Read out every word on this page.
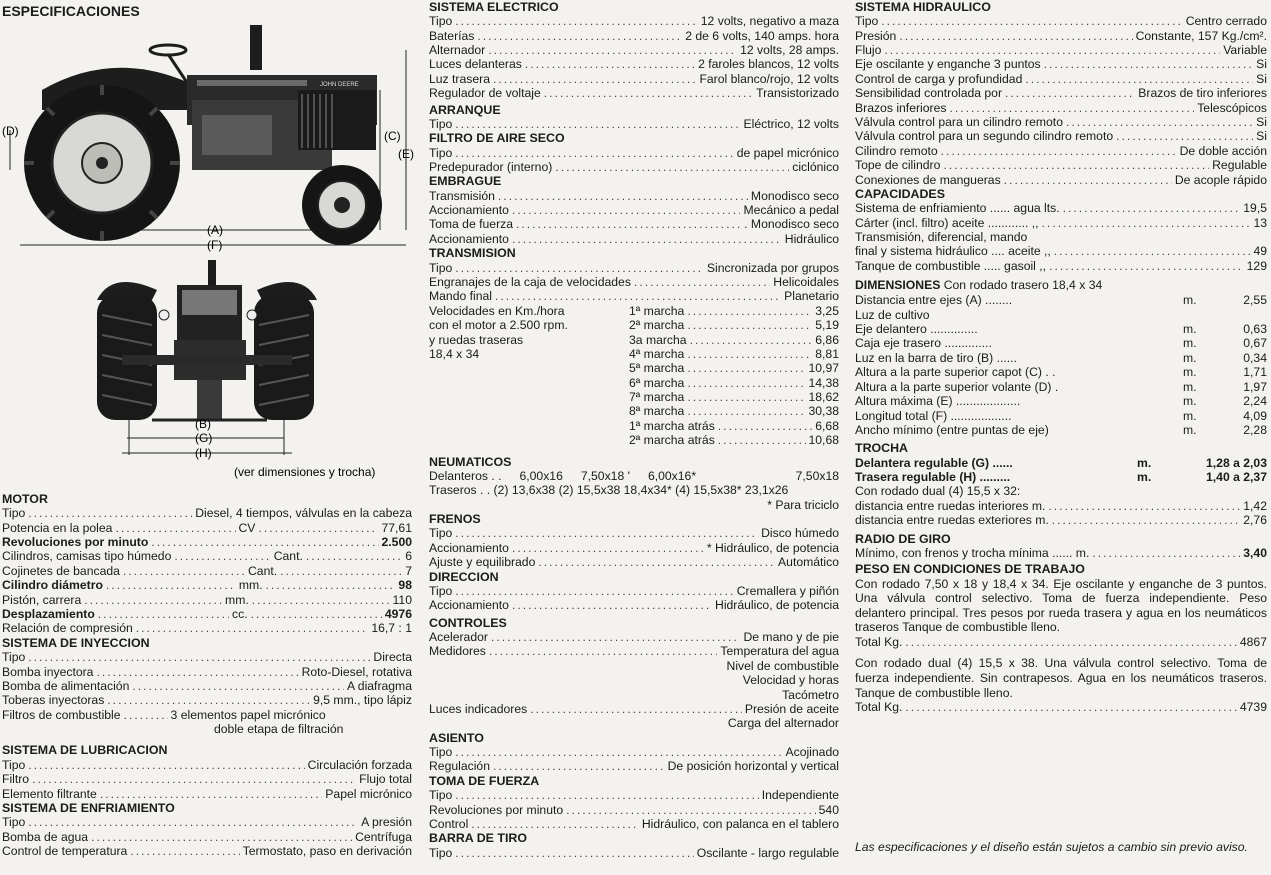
ESPECIFICACIONES
(D)	(C)
(E)
(A)
(F)
JOHN DEERE
(B)
(G)
(H)
(ver dimensiones y trocha)
MOTOR
Tipo .....	Diesel, 4 tiempos, válvulas en la cabeza
Potencia en la polea .....	CV .....	77,61
Revoluciones por minuto .....	2.500
Cilindros, camisas tipo húmedo .....	Cant. .....	6
Cojinetes de bancada .....	Cant. .....	7
Cilindro diámetro .....	mm. .....	98
Pistón, carrera .....	mm. .....	110
Desplazamiento .....	cc. .....	4976
Relación de compresión .....	16,7 : 1
SISTEMA DE INYECCION
Tipo .....	Directa
Bomba inyectora .....	Roto-Diesel, rotativa
Bomba de alimentación .....	A diafragma
Toberas inyectoras .....	9,5 mm., tipo lápiz
Filtros de combustible .....	3 elementos papel micrónico
doble etapa de filtración
SISTEMA DE LUBRICACION
Tipo .....	Circulación forzada
Filtro .....	Flujo total
Elemento filtrante .....	Papel micrónico
SISTEMA DE ENFRIAMIENTO
Tipo .....	A presión
Bomba de agua .....	Centrífuga
Control de temperatura .....	Termostato, paso en derivación
SISTEMA ELECTRICO
Tipo .....	12 volts, negativo a maza
Baterías .....	2 de 6 volts, 140 amps. hora
Alternador .....	12 volts, 28 amps.
Luces delanteras .....	2 faroles blancos, 12 volts
Luz trasera .....	Farol blanco/rojo, 12 volts
Regulador de voltaje .....	Transistorizado
ARRANQUE
Tipo .....	Eléctrico, 12 volts
FILTRO DE AIRE SECO
Tipo .....	de papel micrónico
Predepurador (interno) .....	ciclónico
EMBRAGUE
Transmisión .....	Monodisco seco
Accionamiento .....	Mecánico a pedal
Toma de fuerza .....	. Monodisco seco
Accionamiento .....	Hidráulico
TRANSMISION
Tipo .....	Sincronizada por grupos
Engranajes de la caja de velocidades .....	Helicoidales
Mando final .....	Planetario
Velocidades en Km./hora
con el motor a 2.500 rpm.
y ruedas traseras
18,4 x 34
1ª marcha .....	3,25
2ª marcha .....	5,19
3a marcha .....	6,86
4ª marcha .....	8,81
5ª marcha .....	10,97
6ª marcha .....	14,38
7ª marcha .....	18,62
8ª marcha .....	30,38
1ª marcha atrás .....	6,68
2ª marcha atrás .....	10,68
NEUMATICOS
Delanteros . . 6,00x16 7,50x18 ' 6,00x16*	7,50x18
Traseros . . (2) 13,6x38 (2) 15,5x38 18,4x34* (4) 15,5x38* 23,1x26
* Para triciclo
FRENOS
Tipo .....	Disco húmedo
Accionamiento .....	* Hidráulico, de potencia
Ajuste y equilibrado .....	Automático
DIRECCION
Tipo .....	Cremallera y piñón
Accionamiento .....	Hidráulico, de potencia
CONTROLES
Acelerador .....	De mano y de pie
Medidores .....	Temperatura del agua
Nivel de combustible
Velocidad y horas
Tacómetro
Luces indicadores .....	Presión de aceite
Carga del alternador
ASIENTO
Tipo .....	Acojinado
Regulación .....	De posición horizontal y vertical
TOMA DE FUERZA
Tipo .....	Independiente
Revoluciones por minuto .....	540
Control .....	Hidráulico, con palanca en el tablero
BARRA DE TIRO
Tipo .....	Oscilante - largo regulable
SISTEMA HIDRAULICO
Tipo .....	Centro cerrado
Presión .....	Constante, 157 Kg./cm².
Flujo .....	Variable
Eje oscilante y enganche 3 puntos .....	Si
Control de carga y profundidad .....	Si
Sensibilidad controlada por .....	Brazos de tiro inferiores
Brazos inferiores .....	Telescópicos
Válvula control para un cilindro remoto .....	Si
Válvula control para un segundo cilindro remoto .....	Si
Cilindro remoto .....	De doble acción
Tope de cilindro .....	Regulable
Conexiones de mangueras .....	De acople rápido
CAPACIDADES
Sistema de enfriamiento ...... agua lts. .....	19,5
Cárter (incl. filtro) aceite ............ ,, .....	13
Transmisión, diferencial, mando
final y sistema hidráulico .... aceite ,, .....	49
Tanque de combustible ..... gasoil ,, .....	129
DIMENSIONES Con rodado trasero 18,4 x 34
Distancia entre ejes (A) ........	m.	2,55
Luz de cultivo
Eje delantero ..............	m.	0,63
Caja eje trasero ..............	m.	0,67
Luz en la barra de tiro (B) ......	m.	0,34
Altura a la parte superior capot (C) . .	m.	1,71
Altura a la parte superior volante (D) .	m.	1,97
Altura máxima (E) ...................	m.	2,24
Longitud total (F) ..................	m.	4,09
Ancho mínimo (entre puntas de eje)	m.	2,28
TROCHA
Delantera regulable (G) ......	m.	1,28 a 2,03
Trasera regulable (H) .........	m.	1,40 a 2,37
Con rodado dual (4) 15,5 x 32:
distancia entre ruedas interiores m. .....	1,42
distancia entre ruedas exteriores m. .....	2,76
RADIO DE GIRO
Mínimo, con frenos y trocha mínima ...... m. .....	3,40
PESO EN CONDICIONES DE TRABAJO
Con rodado 7,50 x 18 y 18,4 x 34. Eje oscilante y enganche de 3 puntos. Una válvula control selectivo. Toma de fuerza independiente. Peso delantero principal. Tres pesos por rueda trasera y agua en los neumáticos traseros Tanque de combustible lleno.
Total Kg. .....	4867
Con rodado dual (4) 15,5 x 38. Una válvula control selectivo. Toma de fuerza independiente. Sin contrapesos. Agua en los neumáticos traseros. Tanque de combustible lleno.
Total Kg. .....	4739
Las especificaciones y el diseño están sujetos a cambio sin previo aviso.
